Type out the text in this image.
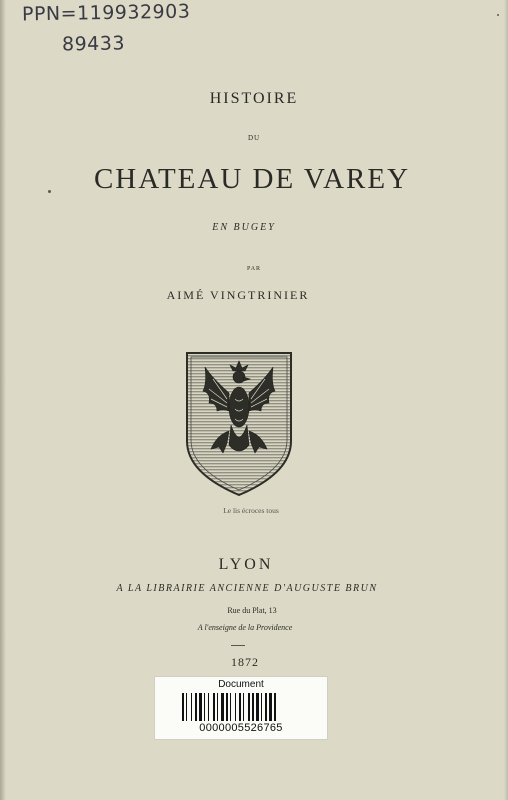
PPN=119932903
89433
HISTOIRE
DU
CHATEAU DE VAREY
EN BUGEY
PAR
AIMÉ VINGTRINIER
Le lis écroces tous
LYON
A LA LIBRAIRIE ANCIENNE D'AUGUSTE BRUN
Rue du Plat, 13
A l'enseigne de la Providence
1872
Document
0000005526765
